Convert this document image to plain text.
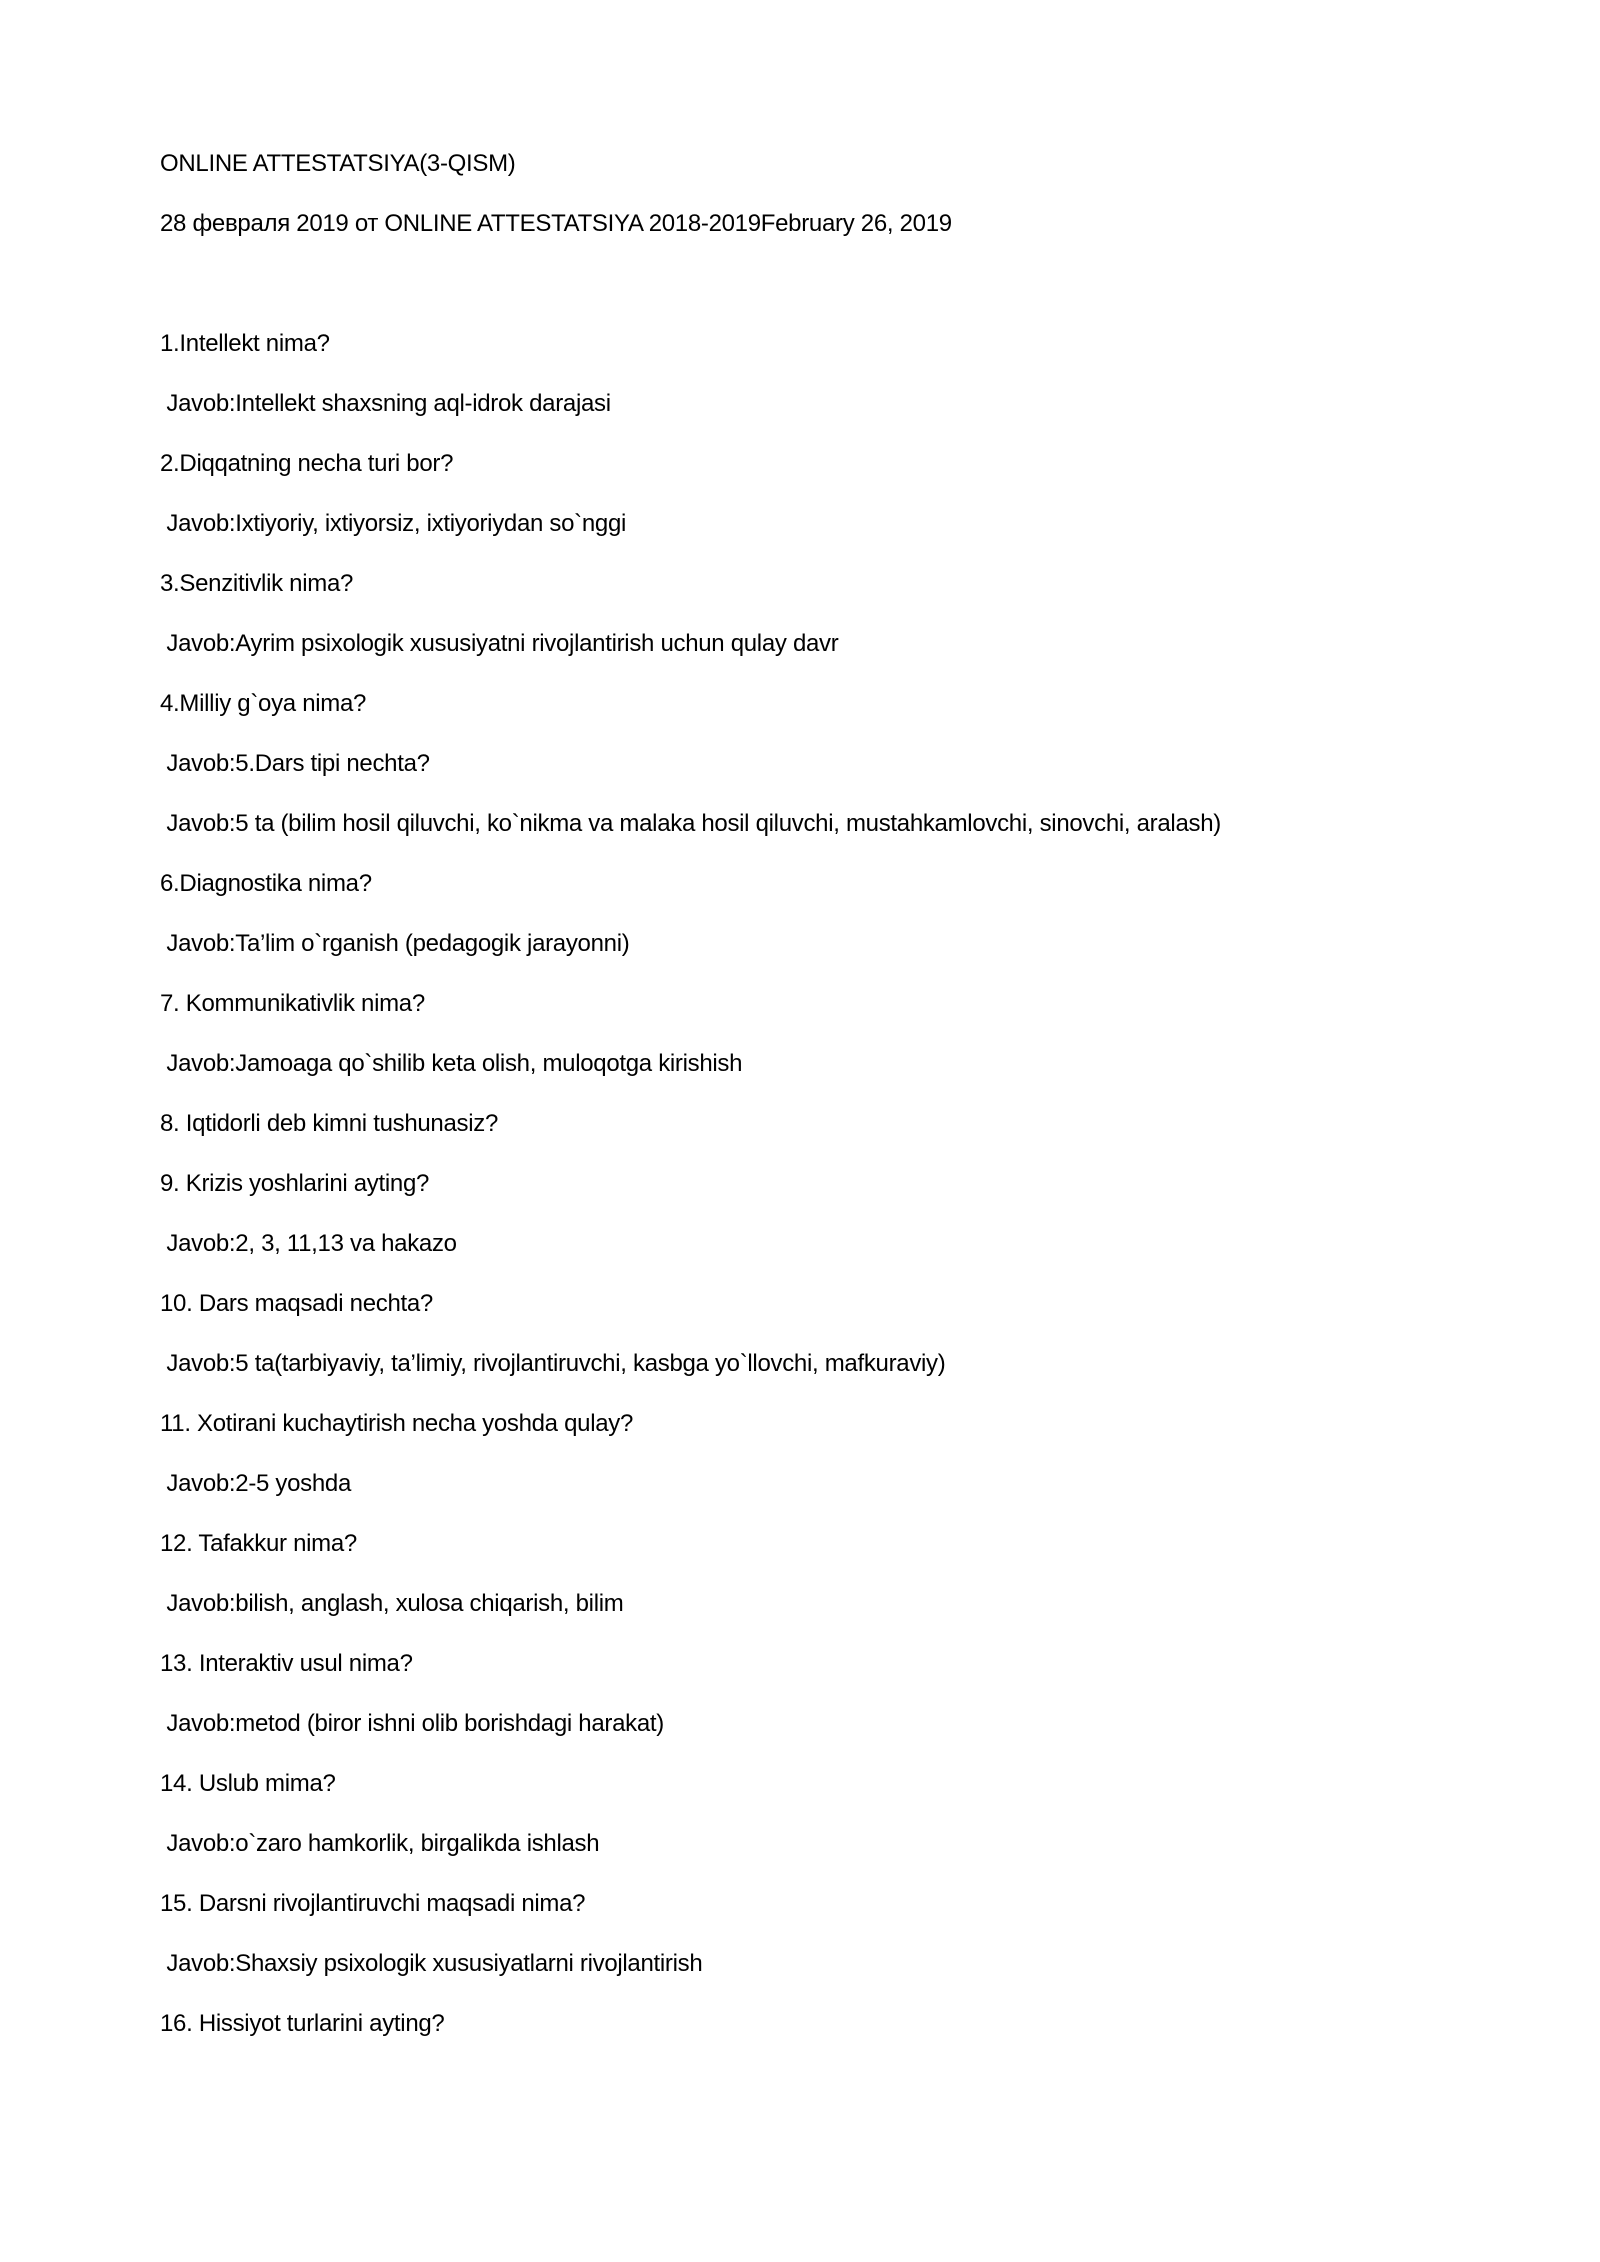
ONLINE ATTESTATSIYA(3-QISM)
28 февраля 2019 от ONLINE ATTESTATSIYA 2018-2019February 26, 2019
1.Intellekt nima?
Javob:Intellekt shaxsning aql-idrok darajasi
2.Diqqatning necha turi bor?
Javob:Ixtiyoriy, ixtiyorsiz, ixtiyoriydan so`nggi
3.Senzitivlik nima?
Javob:Ayrim psixologik xususiyatni rivojlantirish uchun qulay davr
4.Milliy g`oya nima?
Javob:5.Dars tipi nechta?
Javob:5 ta (bilim hosil qiluvchi, ko`nikma va malaka hosil qiluvchi, mustahkamlovchi, sinovchi, aralash)
6.Diagnostika nima?
Javob:Ta’lim o`rganish (pedagogik jarayonni)
7. Kommunikativlik nima?
Javob:Jamoaga qo`shilib keta olish, muloqotga kirishish
8. Iqtidorli deb kimni tushunasiz?
9. Krizis yoshlarini ayting?
Javob:2, 3, 11,13 va hakazo
10. Dars maqsadi nechta?
Javob:5 ta(tarbiyaviy, ta’limiy, rivojlantiruvchi, kasbga yo`llovchi, mafkuraviy)
11. Xotirani kuchaytirish necha yoshda qulay?
Javob:2-5 yoshda
12. Tafakkur nima?
Javob:bilish, anglash, xulosa chiqarish, bilim
13. Interaktiv usul nima?
Javob:metod (biror ishni olib borishdagi harakat)
14. Uslub mima?
Javob:o`zaro hamkorlik, birgalikda ishlash
15. Darsni rivojlantiruvchi maqsadi nima?
Javob:Shaxsiy psixologik xususiyatlarni rivojlantirish
16. Hissiyot turlarini ayting?
